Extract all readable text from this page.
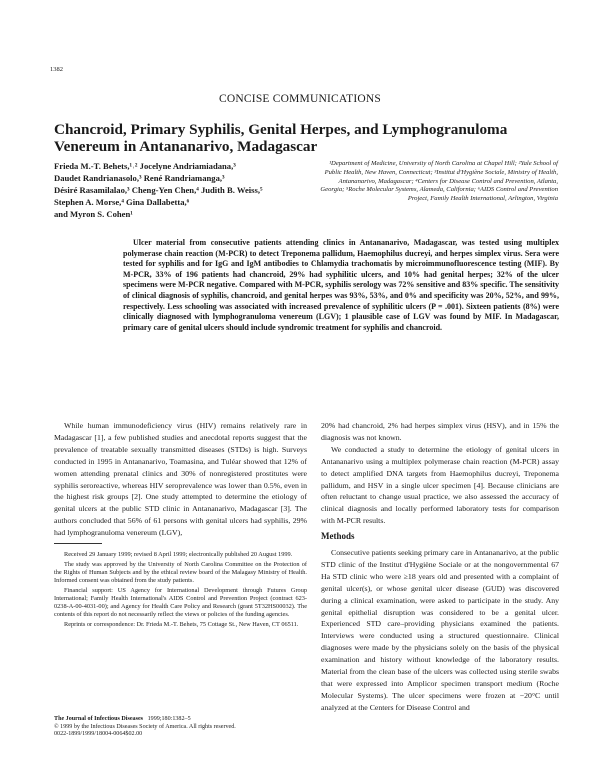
1382
CONCISE COMMUNICATIONS
Chancroid, Primary Syphilis, Genital Herpes, and Lymphogranuloma Venereum in Antananarivo, Madagascar
Frieda M.-T. Behets,¹˒² Jocelyne Andriamiadana,³
Daudet Randrianasolo,³ René Randriamanga,³
Désiré Rasamilalao,³ Cheng-Yen Chen,⁴ Judith B. Weiss,⁵
Stephen A. Morse,⁴ Gina Dallabetta,⁶
and Myron S. Cohen¹
¹Department of Medicine, University of North Carolina at Chapel Hill; ²Yale School of Public Health, New Haven, Connecticut; ³Institut d'Hygiène Sociale, Ministry of Health, Antananarivo, Madagascar; ⁴Centers for Disease Control and Prevention, Atlanta, Georgia; ⁵Roche Molecular Systems, Alameda, California; ⁶AIDS Control and Prevention Project, Family Health International, Arlington, Virginia
Ulcer material from consecutive patients attending clinics in Antananarivo, Madagascar, was tested using multiplex polymerase chain reaction (M-PCR) to detect Treponema pallidum, Haemophilus ducreyi, and herpes simplex virus. Sera were tested for syphilis and for IgG and IgM antibodies to Chlamydia trachomatis by microimmunofluorescence testing (MIF). By M-PCR, 33% of 196 patients had chancroid, 29% had syphilitic ulcers, and 10% had genital herpes; 32% of the ulcer specimens were M-PCR negative. Compared with M-PCR, syphilis serology was 72% sensitive and 83% specific. The sensitivity of clinical diagnosis of syphilis, chancroid, and genital herpes was 93%, 53%, and 0% and specificity was 20%, 52%, and 99%, respectively. Less schooling was associated with increased prevalence of syphilitic ulcers (P = .001). Sixteen patients (8%) were clinically diagnosed with lymphogranuloma venereum (LGV); 1 plausible case of LGV was found by MIF. In Madagascar, primary care of genital ulcers should include syndromic treatment for syphilis and chancroid.
While human immunodeficiency virus (HIV) remains relatively rare in Madagascar [1], a few published studies and anecdotal reports suggest that the prevalence of treatable sexually transmitted diseases (STDs) is high. Surveys conducted in 1995 in Antananarivo, Toamasina, and Tuléar showed that 12% of women attending prenatal clinics and 30% of nonregistered prostitutes were syphilis seroreactive, whereas HIV seroprevalence was lower than 0.5%, even in the highest risk groups [2]. One study attempted to determine the etiology of genital ulcers at the public STD clinic in Antananarivo, Madagascar [3]. The authors concluded that 56% of 61 persons with genital ulcers had syphilis, 29% had lymphogranuloma venereum (LGV),

20% had chancroid, 2% had herpes simplex virus (HSV), and in 15% the diagnosis was not known.

We conducted a study to determine the etiology of genital ulcers in Antananarivo using a multiplex polymerase chain reaction (M-PCR) assay to detect amplified DNA targets from Haemophilus ducreyi, Treponema pallidum, and HSV in a single ulcer specimen [4]. Because clinicians are often reluctant to change usual practice, we also assessed the accuracy of clinical diagnosis and locally performed laboratory tests for comparison with M-PCR results.

Methods
Consecutive patients seeking primary care in Antananarivo, at the public STD clinic of the Institut d'Hygiène Sociale or at the nongovernmental 67 Ha STD clinic who were ≥18 years old and presented with a complaint of genital ulcer(s), or whose genital ulcer disease (GUD) was discovered during a clinical examination, were asked to participate in the study. Any genital epithelial disruption was considered to be a genital ulcer. Experienced STD care–providing physicians examined the patients. Interviews were conducted using a structured questionnaire. Clinical diagnoses were made by the physicians solely on the basis of the physical examination and history without knowledge of the laboratory results. Material from the clean base of the ulcers was collected using sterile swabs that were expressed into Amplicor specimen transport medium (Roche Molecular Systems). The ulcer specimens were frozen at −20°C until analyzed at the Centers for Disease Control and

Received 29 January 1999; revised 8 April 1999; electronically published 20 August 1999.

The study was approved by the University of North Carolina Committee on the Protection of the Rights of Human Subjects and by the ethical review board of the Malagasy Ministry of Health. Informed consent was obtained from the study patients.

Financial support: US Agency for International Development through Futures Group International; Family Health International's AIDS Control and Prevention Project (contract 623-0238-A-00-4031-00); and Agency for Health Care Policy and Research (grant 5T32HS00032). The contents of this report do not necessarily reflect the views or policies of the funding agencies.

Reprints or correspondence: Dr. Frieda M.-T. Behets, 75 Cottage St., New Haven, CT 06511.

The Journal of Infectious Diseases 1999;180:1382–5
© 1999 by the Infectious Diseases Society of America. All rights reserved.
0022-1899/1999/18004-0064$02.00
